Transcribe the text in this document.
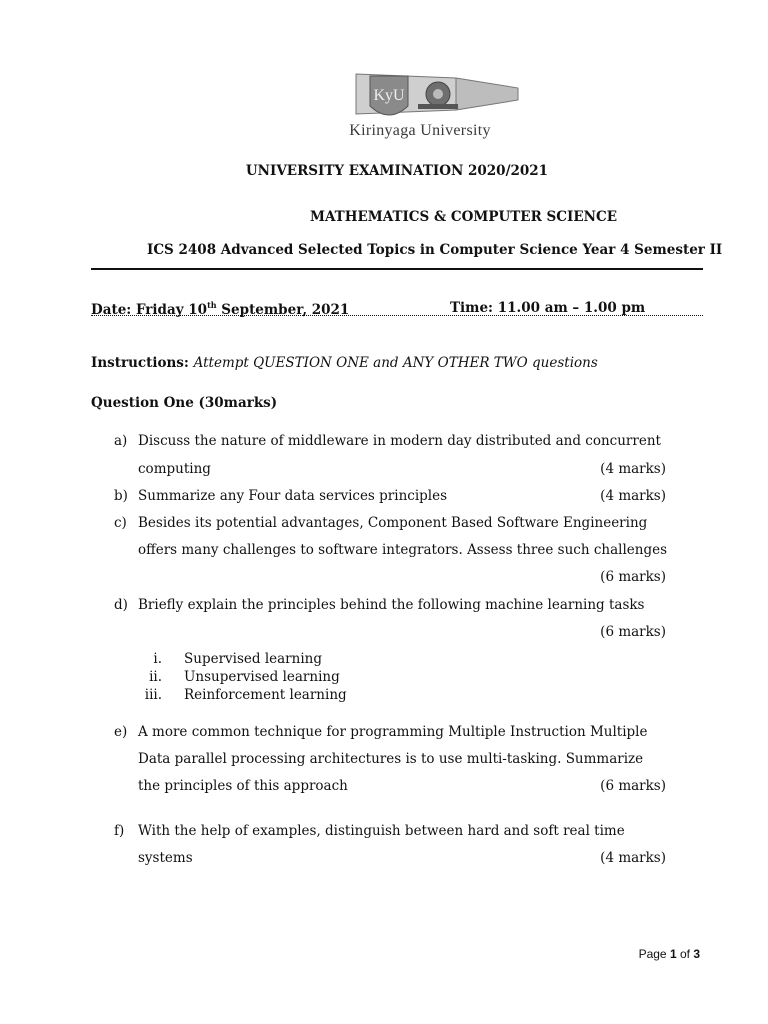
KyU
Kirinyaga University
UNIVERSITY EXAMINATION 2020/2021
MATHEMATICS & COMPUTER SCIENCE
ICS 2408 Advanced Selected Topics in Computer Science Year 4 Semester II
Date: Friday 10th September, 2021	Time: 11.00 am – 1.00 pm
Instructions: Attempt QUESTION ONE and ANY OTHER TWO questions
Question One (30marks)
a) Discuss the nature of middleware in modern day distributed and concurrent
computing	(4 marks)
b) Summarize any Four data services principles	(4 marks)
c) Besides its potential advantages, Component Based Software Engineering
offers many challenges to software integrators. Assess three such challenges
(6 marks)
d) Briefly explain the principles behind the following machine learning tasks
(6 marks)
i. Supervised learning
ii. Unsupervised learning
iii. Reinforcement learning
e) A more common technique for programming Multiple Instruction Multiple
Data parallel processing architectures is to use multi-tasking. Summarize
the principles of this approach	(6 marks)
f) With the help of examples, distinguish between hard and soft real time
systems	(4 marks)
Page 1 of 3
